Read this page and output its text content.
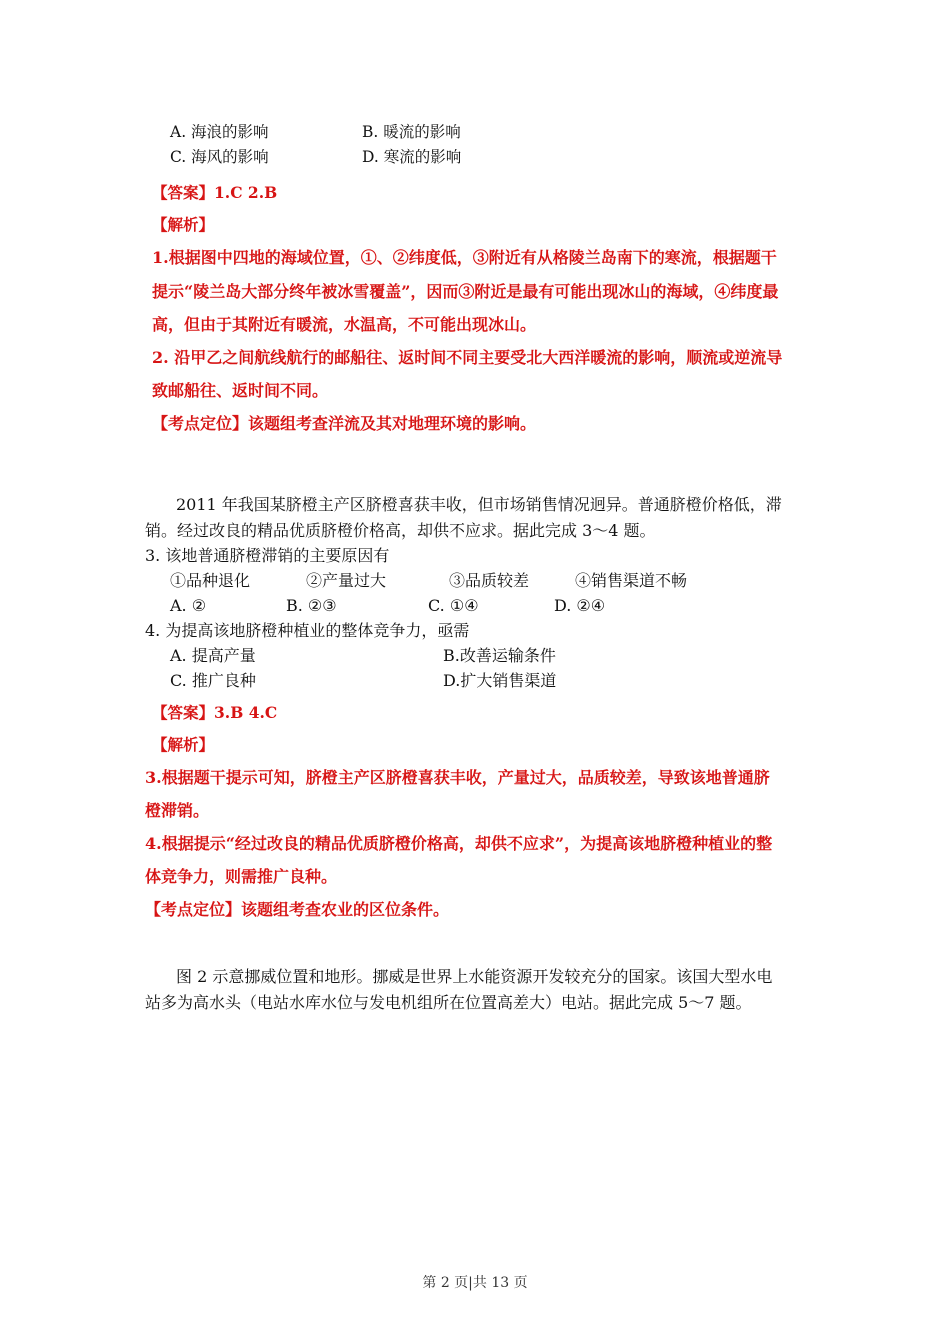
A. 海浪的影响	B. 暖流的影响
C. 海风的影响	D. 寒流的影响
【答案】1.C 2.B
【解析】
1.根据图中四地的海域位置，①、②纬度低，③附近有从格陵兰岛南下的寒流，根据题干
提示“陵兰岛大部分终年被冰雪覆盖”，因而③附近是最有可能出现冰山的海域，④纬度最
高，但由于其附近有暖流，水温高，不可能出现冰山。
2. 沿甲乙之间航线航行的邮船往、返时间不同主要受北大西洋暖流的影响，顺流或逆流导
致邮船往、返时间不同。
【考点定位】该题组考查洋流及其对地理环境的影响。
2011 年我国某脐橙主产区脐橙喜获丰收，但市场销售情况迥异。普通脐橙价格低，滞
销。经过改良的精品优质脐橙价格高，却供不应求。据此完成 3～4 题。
3. 该地普通脐橙滞销的主要原因有
①品种退化	②产量过大	③品质较差	④销售渠道不畅
A. ②	B. ②③	C. ①④	D. ②④
4. 为提高该地脐橙种植业的整体竞争力，亟需
A. 提高产量	B.改善运输条件
C. 推广良种	D.扩大销售渠道
【答案】3.B 4.C
【解析】
3.根据题干提示可知，脐橙主产区脐橙喜获丰收，产量过大，品质较差，导致该地普通脐
橙滞销。
4.根据提示“经过改良的精品优质脐橙价格高，却供不应求”，为提高该地脐橙种植业的整
体竞争力，则需推广良种。
【考点定位】该题组考查农业的区位条件。
图 2 示意挪威位置和地形。挪威是世界上水能资源开发较充分的国家。该国大型水电
站多为高水头（电站水库水位与发电机组所在位置高差大）电站。据此完成 5～7 题。
第 2 页|共 13 页
